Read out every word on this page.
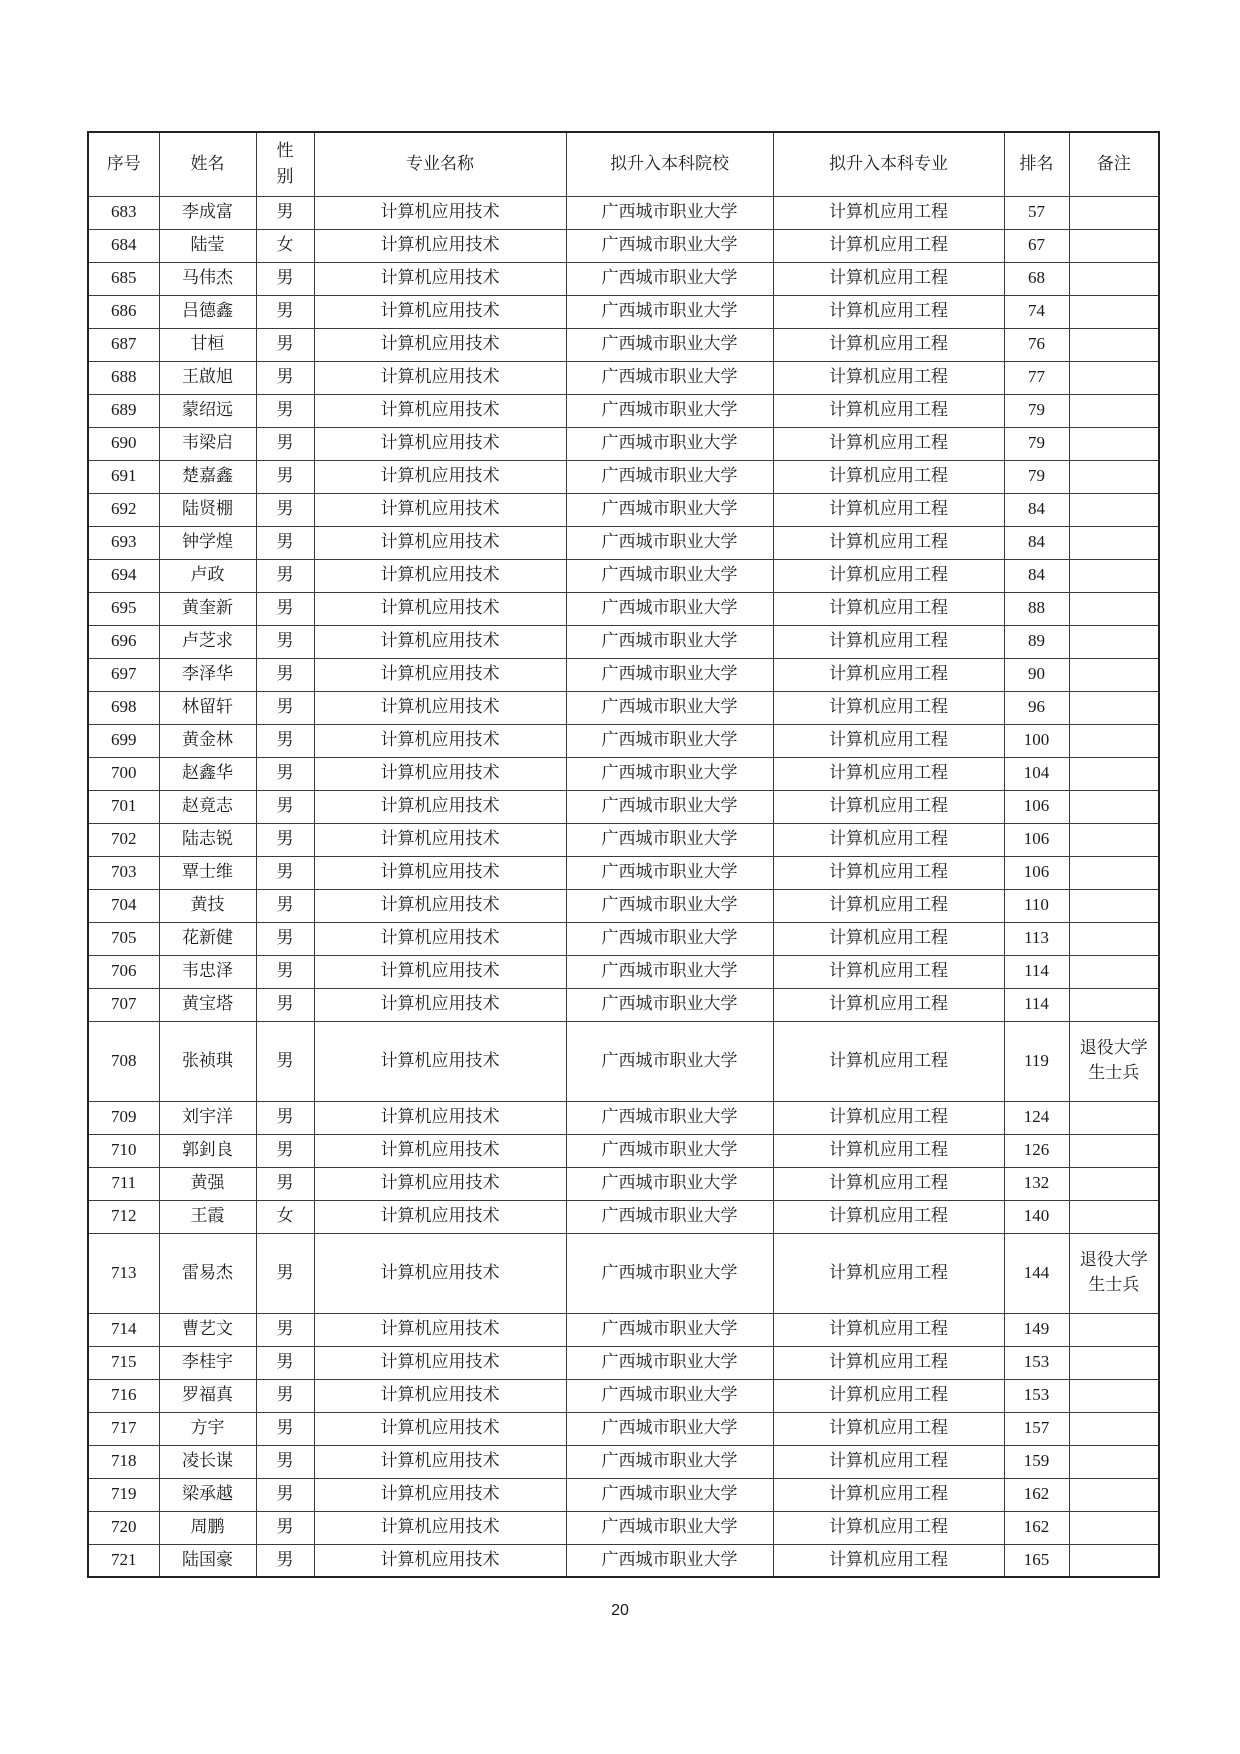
序号	姓名	性别	专业名称	拟升入本科院校	拟升入本科专业	排名	备注
683	李成富	男	计算机应用技术	广西城市职业大学	计算机应用工程	57	
684	陆莹	女	计算机应用技术	广西城市职业大学	计算机应用工程	67	
685	马伟杰	男	计算机应用技术	广西城市职业大学	计算机应用工程	68	
686	吕德鑫	男	计算机应用技术	广西城市职业大学	计算机应用工程	74	
687	甘桓	男	计算机应用技术	广西城市职业大学	计算机应用工程	76	
688	王啟旭	男	计算机应用技术	广西城市职业大学	计算机应用工程	77	
689	蒙绍远	男	计算机应用技术	广西城市职业大学	计算机应用工程	79	
690	韦梁启	男	计算机应用技术	广西城市职业大学	计算机应用工程	79	
691	楚嘉鑫	男	计算机应用技术	广西城市职业大学	计算机应用工程	79	
692	陆贤棚	男	计算机应用技术	广西城市职业大学	计算机应用工程	84	
693	钟学煌	男	计算机应用技术	广西城市职业大学	计算机应用工程	84	
694	卢政	男	计算机应用技术	广西城市职业大学	计算机应用工程	84	
695	黄奎新	男	计算机应用技术	广西城市职业大学	计算机应用工程	88	
696	卢芝求	男	计算机应用技术	广西城市职业大学	计算机应用工程	89	
697	李泽华	男	计算机应用技术	广西城市职业大学	计算机应用工程	90	
698	林留轩	男	计算机应用技术	广西城市职业大学	计算机应用工程	96	
699	黄金林	男	计算机应用技术	广西城市职业大学	计算机应用工程	100	
700	赵鑫华	男	计算机应用技术	广西城市职业大学	计算机应用工程	104	
701	赵竟志	男	计算机应用技术	广西城市职业大学	计算机应用工程	106	
702	陆志锐	男	计算机应用技术	广西城市职业大学	计算机应用工程	106	
703	覃士维	男	计算机应用技术	广西城市职业大学	计算机应用工程	106	
704	黄技	男	计算机应用技术	广西城市职业大学	计算机应用工程	110	
705	花新健	男	计算机应用技术	广西城市职业大学	计算机应用工程	113	
706	韦忠泽	男	计算机应用技术	广西城市职业大学	计算机应用工程	114	
707	黄宝塔	男	计算机应用技术	广西城市职业大学	计算机应用工程	114	
708	张祯琪	男	计算机应用技术	广西城市职业大学	计算机应用工程	119	退役大学生士兵
709	刘宇洋	男	计算机应用技术	广西城市职业大学	计算机应用工程	124	
710	郭釗良	男	计算机应用技术	广西城市职业大学	计算机应用工程	126	
711	黄强	男	计算机应用技术	广西城市职业大学	计算机应用工程	132	
712	王霞	女	计算机应用技术	广西城市职业大学	计算机应用工程	140	
713	雷易杰	男	计算机应用技术	广西城市职业大学	计算机应用工程	144	退役大学生士兵
714	曹艺文	男	计算机应用技术	广西城市职业大学	计算机应用工程	149	
715	李桂宇	男	计算机应用技术	广西城市职业大学	计算机应用工程	153	
716	罗福真	男	计算机应用技术	广西城市职业大学	计算机应用工程	153	
717	方宇	男	计算机应用技术	广西城市职业大学	计算机应用工程	157	
718	凌长谋	男	计算机应用技术	广西城市职业大学	计算机应用工程	159	
719	梁承越	男	计算机应用技术	广西城市职业大学	计算机应用工程	162	
720	周鹏	男	计算机应用技术	广西城市职业大学	计算机应用工程	162	
721	陆国豪	男	计算机应用技术	广西城市职业大学	计算机应用工程	165	
20
